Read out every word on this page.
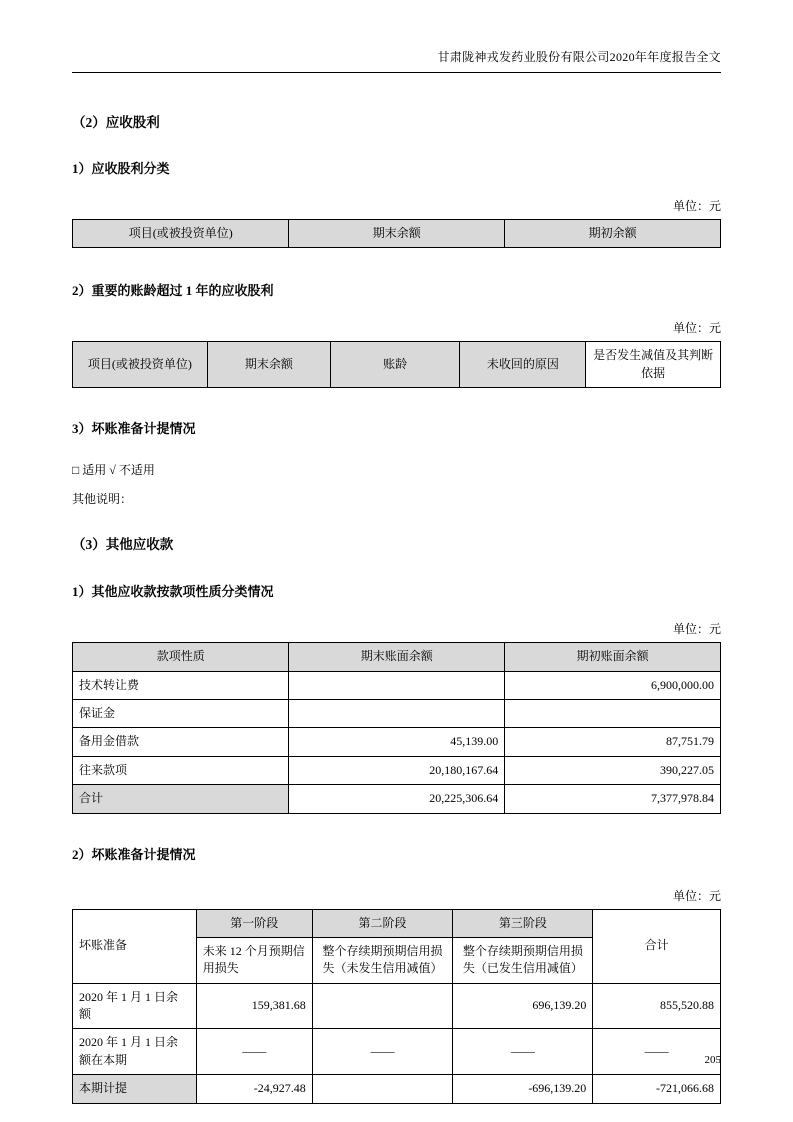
甘肃陇神戎发药业股份有限公司2020年年度报告全文
（2）应收股利
1）应收股利分类
单位：元
项目(或被投资单位)	期末余额	期初余额
2）重要的账龄超过 1 年的应收股利
单位：元
项目(或被投资单位)	期末余额	账龄	未收回的原因	是否发生减值及其判断依据
3）坏账准备计提情况
□ 适用 √ 不适用
其他说明：
（3）其他应收款
1）其他应收款按款项性质分类情况
单位：元
款项性质	期末账面余额	期初账面余额
技术转让费		6,900,000.00
保证金		
备用金借款	45,139.00	87,751.79
往来款项	20,180,167.64	390,227.05
合计	20,225,306.64	7,377,978.84
2）坏账准备计提情况
单位：元
坏账准备	第一阶段	第二阶段	第三阶段	合计
	未来 12 个月预期信用损失	整个存续期预期信用损失（未发生信用减值）	整个存续期预期信用损失（已发生信用减值）	
2020 年 1 月 1 日余额	159,381.68		696,139.20	855,520.88
2020 年 1 月 1 日余额在本期	——	——	——	——
本期计提	-24,927.48		-696,139.20	-721,066.68
205
